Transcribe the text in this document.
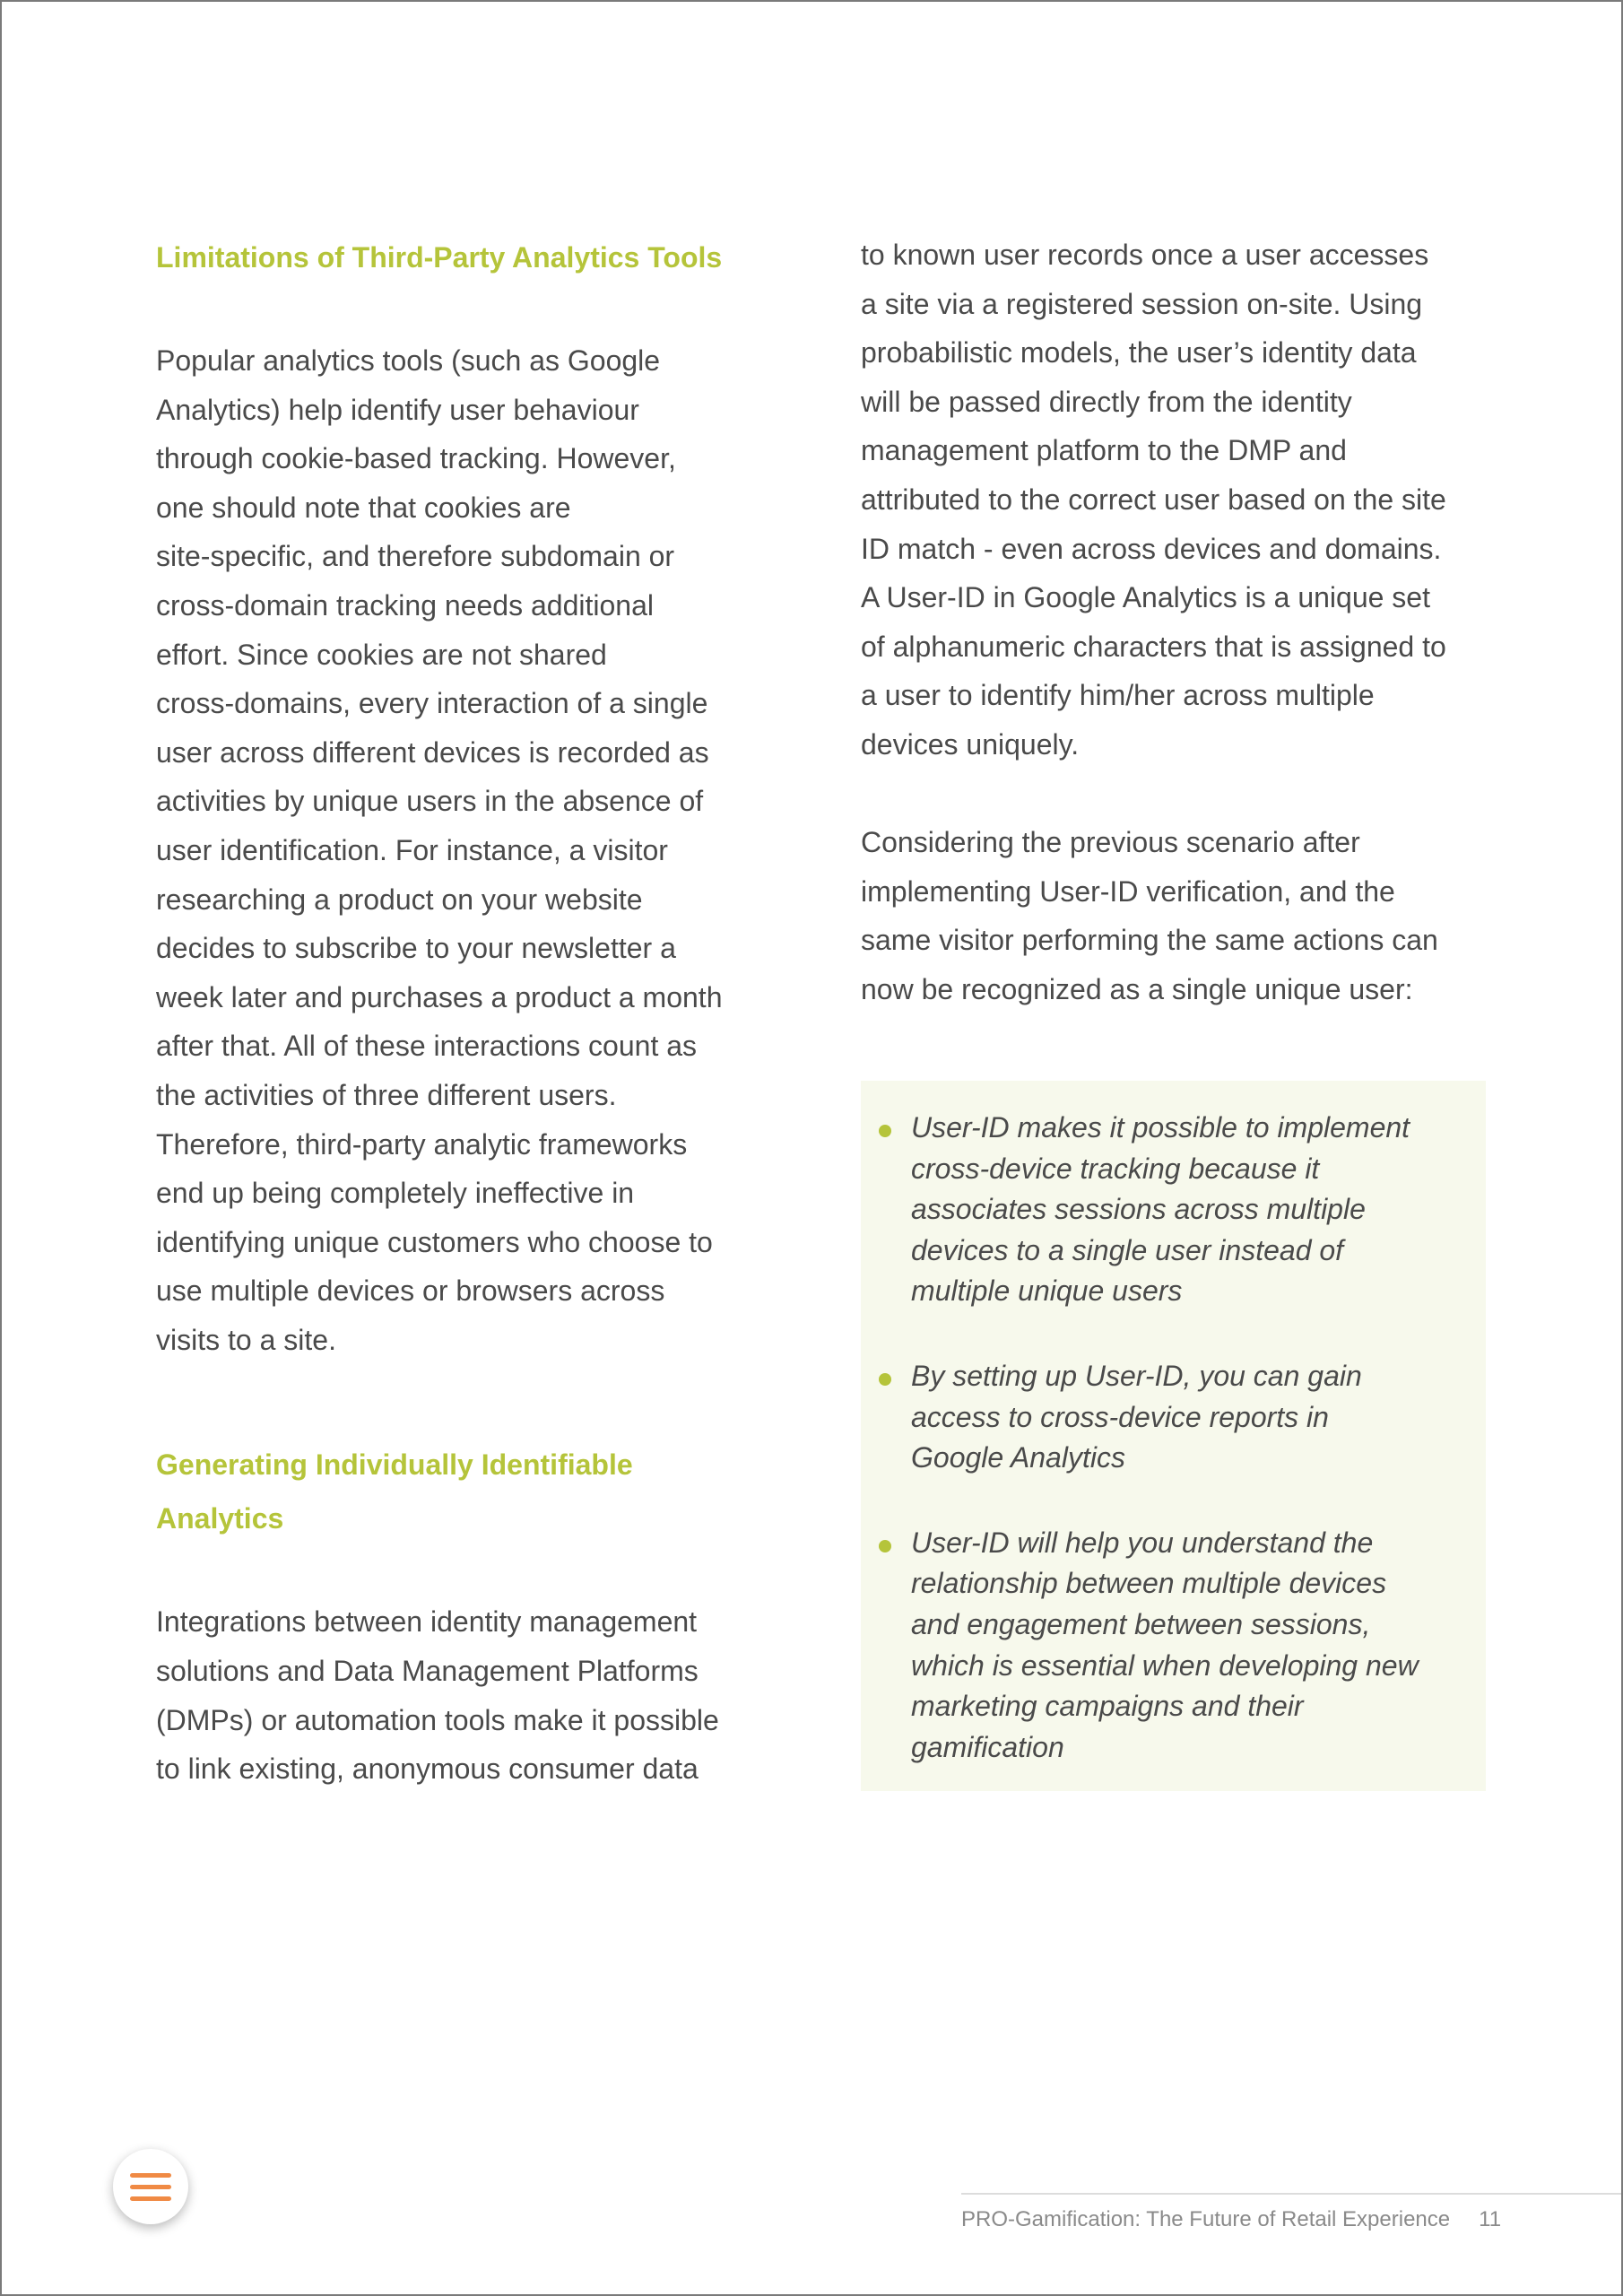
Limitations of Third-Party Analytics Tools

Popular analytics tools (such as Google
Analytics) help identify user behaviour
through cookie-based tracking. However,
one should note that cookies are
site-specific, and therefore subdomain or
cross-domain tracking needs additional
effort. Since cookies are not shared
cross-domains, every interaction of a single
user across different devices is recorded as
activities by unique users in the absence of
user identification. For instance, a visitor
researching a product on your website
decides to subscribe to your newsletter a
week later and purchases a product a month
after that. All of these interactions count as
the activities of three different users.
Therefore, third-party analytic frameworks
end up being completely ineffective in
identifying unique customers who choose to
use multiple devices or browsers across
visits to a site.

Generating Individually Identifiable
Analytics

Integrations between identity management
solutions and Data Management Platforms
(DMPs) or automation tools make it possible
to link existing, anonymous consumer data

to known user records once a user accesses
a site via a registered session on-site. Using
probabilistic models, the user’s identity data
will be passed directly from the identity
management platform to the DMP and
attributed to the correct user based on the site
ID match - even across devices and domains.
A User-ID in Google Analytics is a unique set
of alphanumeric characters that is assigned to
a user to identify him/her across multiple
devices uniquely.

Considering the previous scenario after
implementing User-ID verification, and the
same visitor performing the same actions can
now be recognized as a single unique user:

User-ID makes it possible to implement
cross-device tracking because it
associates sessions across multiple
devices to a single user instead of
multiple unique users
By setting up User-ID, you can gain
access to cross-device reports in
Google Analytics
User-ID will help you understand the
relationship between multiple devices
and engagement between sessions,
which is essential when developing new
marketing campaigns and their
gamification
PRO-Gamification: The Future of Retail Experience 11
